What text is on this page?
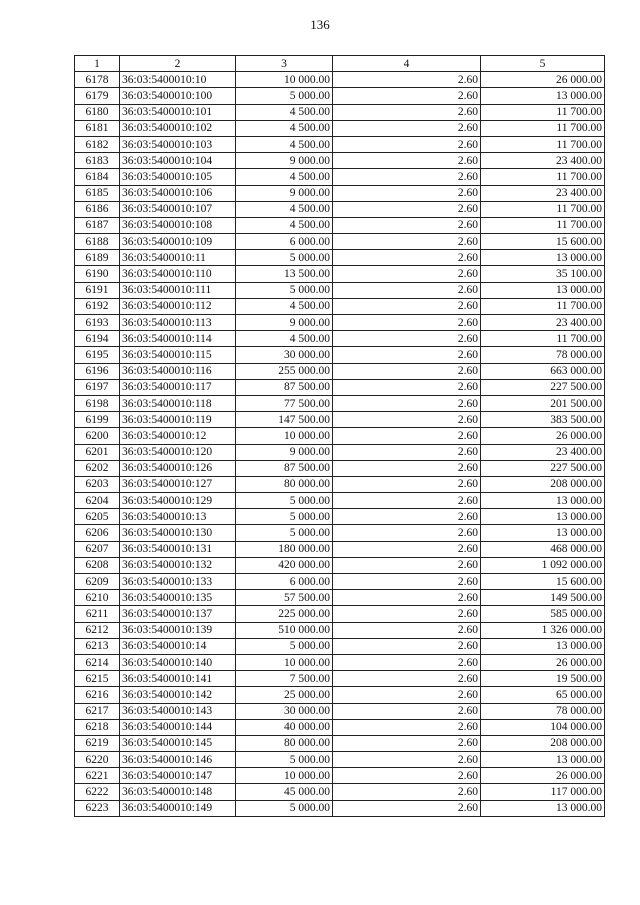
136
1	2	3	4	5
6178	36:03:5400010:10	10 000.00	2.60	26 000.00
6179	36:03:5400010:100	5 000.00	2.60	13 000.00
6180	36:03:5400010:101	4 500.00	2.60	11 700.00
6181	36:03:5400010:102	4 500.00	2.60	11 700.00
6182	36:03:5400010:103	4 500.00	2.60	11 700.00
6183	36:03:5400010:104	9 000.00	2.60	23 400.00
6184	36:03:5400010:105	4 500.00	2.60	11 700.00
6185	36:03:5400010:106	9 000.00	2.60	23 400.00
6186	36:03:5400010:107	4 500.00	2.60	11 700.00
6187	36:03:5400010:108	4 500.00	2.60	11 700.00
6188	36:03:5400010:109	6 000.00	2.60	15 600.00
6189	36:03:5400010:11	5 000.00	2.60	13 000.00
6190	36:03:5400010:110	13 500.00	2.60	35 100.00
6191	36:03:5400010:111	5 000.00	2.60	13 000.00
6192	36:03:5400010:112	4 500.00	2.60	11 700.00
6193	36:03:5400010:113	9 000.00	2.60	23 400.00
6194	36:03:5400010:114	4 500.00	2.60	11 700.00
6195	36:03:5400010:115	30 000.00	2.60	78 000.00
6196	36:03:5400010:116	255 000.00	2.60	663 000.00
6197	36:03:5400010:117	87 500.00	2.60	227 500.00
6198	36:03:5400010:118	77 500.00	2.60	201 500.00
6199	36:03:5400010:119	147 500.00	2.60	383 500.00
6200	36:03:5400010:12	10 000.00	2.60	26 000.00
6201	36:03:5400010:120	9 000.00	2.60	23 400.00
6202	36:03:5400010:126	87 500.00	2.60	227 500.00
6203	36:03:5400010:127	80 000.00	2.60	208 000.00
6204	36:03:5400010:129	5 000.00	2.60	13 000.00
6205	36:03:5400010:13	5 000.00	2.60	13 000.00
6206	36:03:5400010:130	5 000.00	2.60	13 000.00
6207	36:03:5400010:131	180 000.00	2.60	468 000.00
6208	36:03:5400010:132	420 000.00	2.60	1 092 000.00
6209	36:03:5400010:133	6 000.00	2.60	15 600.00
6210	36:03:5400010:135	57 500.00	2.60	149 500.00
6211	36:03:5400010:137	225 000.00	2.60	585 000.00
6212	36:03:5400010:139	510 000.00	2.60	1 326 000.00
6213	36:03:5400010:14	5 000.00	2.60	13 000.00
6214	36:03:5400010:140	10 000.00	2.60	26 000.00
6215	36:03:5400010:141	7 500.00	2.60	19 500.00
6216	36:03:5400010:142	25 000.00	2.60	65 000.00
6217	36:03:5400010:143	30 000.00	2.60	78 000.00
6218	36:03:5400010:144	40 000.00	2.60	104 000.00
6219	36:03:5400010:145	80 000.00	2.60	208 000.00
6220	36:03:5400010:146	5 000.00	2.60	13 000.00
6221	36:03:5400010:147	10 000.00	2.60	26 000.00
6222	36:03:5400010:148	45 000.00	2.60	117 000.00
6223	36:03:5400010:149	5 000.00	2.60	13 000.00
